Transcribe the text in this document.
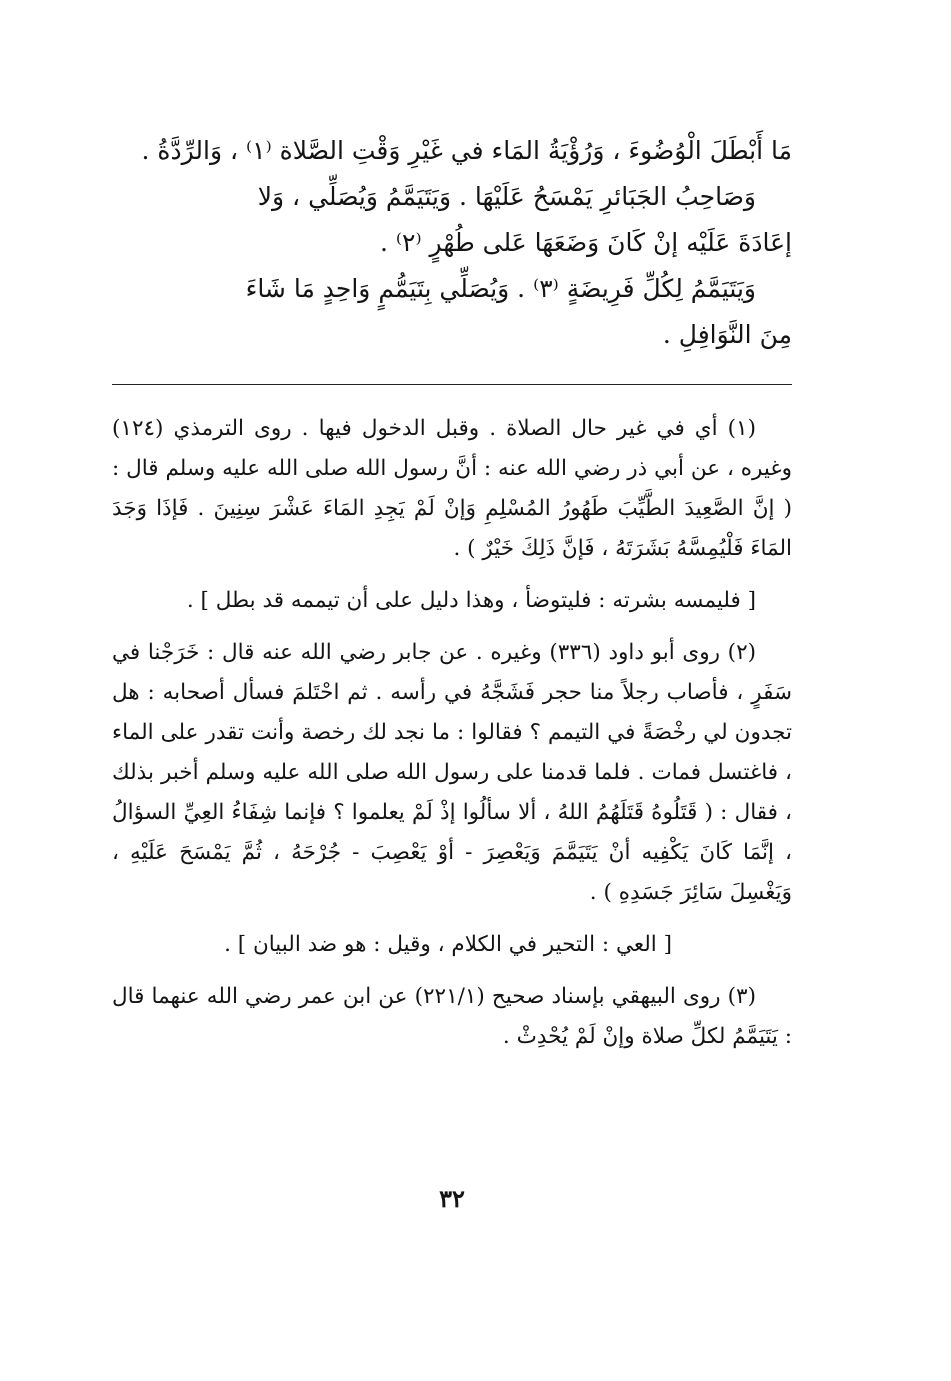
مَا أَبْطَلَ الْوُضُوءَ ، وَرُؤْيَةُ المَاء في غَيْرِ وَقْتِ الصَّلاة ⁽١⁾ ، وَالرِّدَّةُ .

وَصَاحِبُ الجَبَائرِ يَمْسَحُ عَلَيْهَا . وَيَتَيَمَّمُ وَيُصَلِّي ، وَلا

إعَادَةَ عَلَيْه إنْ كَانَ وَضَعَهَا عَلى طُهْرٍ ⁽٢⁾ .

وَيَتَيَمَّمُ لِكُلِّ فَرِيضَةٍ ⁽٣⁾ . وَيُصَلِّي بِتَيَمُّمٍ وَاحِدٍ مَا شَاءَ

مِنَ النَّوَافِلِ .

(١) أي في غير حال الصلاة . وقبل الدخول فيها . روى الترمذي (١٢٤) وغيره ، عن أبي ذر رضي الله عنه : أنَّ رسول الله صلى الله عليه وسلم قال : ( إنَّ الصَّعِيدَ الطَّيِّبَ طَهُورُ المُسْلِمِ وَإنْ لَمْ يَجِدِ المَاءَ عَشْرَ سِنِينَ . فَإذَا وَجَدَ المَاءَ فَلْيُمِسَّهُ بَشَرَتَهُ ، فَإنَّ ذَلِكَ خَيْرٌ ) .

[ فليمسه بشرته : فليتوضأ ، وهذا دليل على أن تيممه قد بطل ] .

(٢) روى أبو داود (٣٣٦) وغيره . عن جابر رضي الله عنه قال : خَرَجْنا في سَفَرٍ ، فأصاب رجلاً منا حجر فَشَجَّهُ في رأسه . ثم احْتَلمَ فسأل أصحابه : هل تجدون لي رخْصَةً في التيمم ؟ فقالوا : ما نجد لك رخصة وأنت تقدر على الماء ، فاغتسل فمات . فلما قدمنا على رسول الله صلى الله عليه وسلم أخبر بذلك ، فقال : ( قَتَلُوهُ قَتَلَهُمُ اللهُ ، ألا سألُوا إذْ لَمْ يعلموا ؟ فإنما شِفَاءُ العِيِّ السؤالُ ، إنَّمَا كَانَ يَكْفِيه أنْ يَتَيَمَّمَ وَيَعْصِرَ - أوْ يَعْصِبَ - جُرْحَهُ ، ثُمَّ يَمْسَحَ عَلَيْهِ ، وَيَغْسِلَ سَائِرَ جَسَدِهِ ) .

[ العي : التحير في الكلام ، وقيل : هو ضد البيان ] .

(٣) روى البيهقي بإسناد صحيح (٢٢١/١) عن ابن عمر رضي الله عنهما قال : يَتَيَمَّمُ لكلِّ صلاة وإنْ لَمْ يُحْدِثْ .

٣٢
